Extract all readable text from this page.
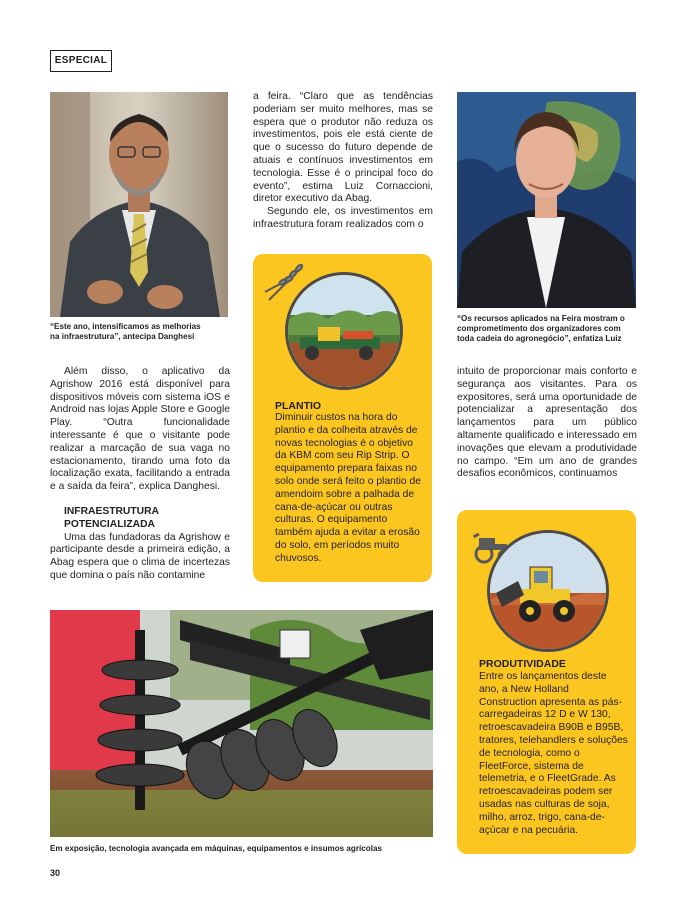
ESPECIAL
“Este ano, intensificamos as melhorias na infraestrutura”, antecipa Danghesi
“Os recursos aplicados na Feira mostram o comprometimento dos organizadores com toda cadeia do agronegócio”, enfatiza Luiz

a feira. “Claro que as tendências poderiam ser muito melhores, mas se espera que o produtor não reduza os investimentos, pois ele está ciente de que o sucesso do futuro depende de atuais e contínuos investimentos em tecnologia. Esse é o principal foco do evento”, estima Luiz Cornaccioni, diretor executivo da Abag.

Segundo ele, os investimentos em infraestrutura foram realizados com o

PLANTIO
Diminuir custos na hora do plantio e da colheita através de novas tecnologias é o objetivo da KBM com seu Rip Strip. O equipamento prepara faixas no solo onde será feito o plantio de amendoim sobre a palhada de cana-de-açúcar ou outras culturas. O equipamento também ajuda a evitar a erosão do solo, em períodos muito chuvosos.

Além disso, o aplicativo da Agrishow 2016 está disponível para dispositivos móveis com sistema iOS e Android nas lojas Apple Store e Google Play. “Outra funcionalidade interessante é que o visitante pode realizar a marcação de sua vaga no estacionamento, tirando uma foto da localização exata, facilitando a entrada e a saída da feira”, explica Danghesi.

INFRAESTRUTURA
POTENCIALIZADA

Uma das fundadoras da Agrishow e participante desde a primeira edição, a Abag espera que o clima de incertezas que domina o país não contamine

intuito de proporcionar mais conforto e segurança aos visitantes. Para os expositores, será uma oportunidade de potencializar a apresentação dos lançamentos para um público altamente qualificado e interessado em inovações que elevam a produtividade no campo. “Em um ano de grandes desafios econômicos, continuamos

PRODUTIVIDADE
Entre os lançamentos deste ano, a New Holland Construction apresenta as pás-carregadeiras 12 D e W 130, retroescavadeira B90B e B95B, tratores, telehandlers e soluções de tecnologia, como o FleetForce, sistema de telemetria, e o FleetGrade. As retroescavadeiras podem ser usadas nas culturas de soja, milho, arroz, trigo, cana-de-açúcar e na pecuária.
Em exposição, tecnologia avançada em máquinas, equipamentos e insumos agrícolas
30
